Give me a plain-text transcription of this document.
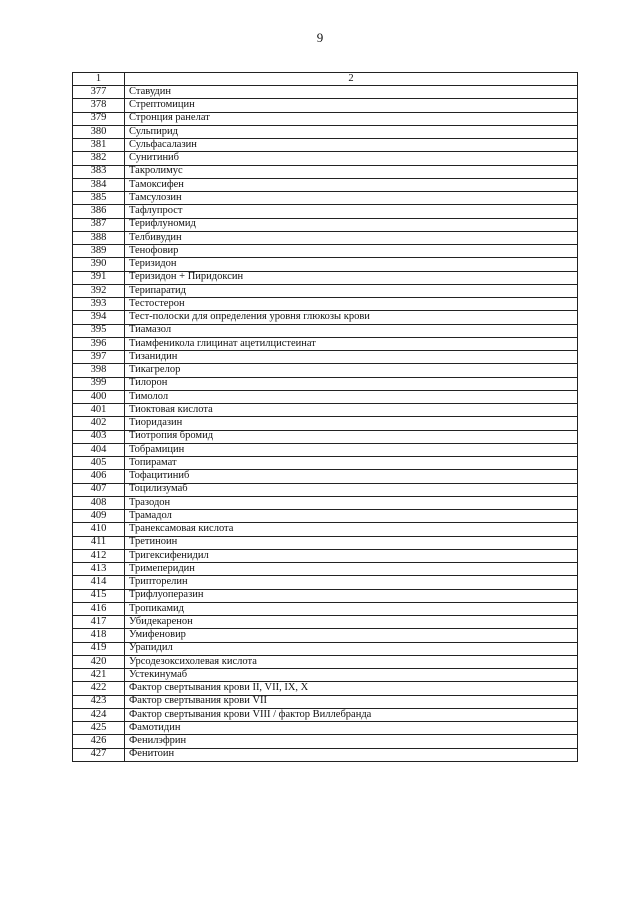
9
1	2
377	Ставудин
378	Стрептомицин
379	Стронция ранелат
380	Сульпирид
381	Сульфасалазин
382	Сунитиниб
383	Такролимус
384	Тамоксифен
385	Тамсулозин
386	Тафлупрост
387	Терифлуномид
388	Телбивудин
389	Тенофовир
390	Теризидон
391	Теризидон + Пиридоксин
392	Терипаратид
393	Тестостерон
394	Тест-полоски для определения уровня глюкозы крови
395	Тиамазол
396	Тиамфеникола глицинат ацетилцистеинат
397	Тизанидин
398	Тикагрелор
399	Тилорон
400	Тимолол
401	Тиоктовая кислота
402	Тиоридазин
403	Тиотропия бромид
404	Тобрамицин
405	Топирамат
406	Тофацитиниб
407	Тоцилизумаб
408	Тразодон
409	Трамадол
410	Транексамовая кислота
411	Третиноин
412	Тригексифенидил
413	Тримеперидин
414	Трипторелин
415	Трифлуоперазин
416	Тропикамид
417	Убидекаренон
418	Умифеновир
419	Урапидил
420	Урсодезоксихолевая кислота
421	Устекинумаб
422	Фактор свертывания крови II, VII, IX, X
423	Фактор свертывания крови VII
424	Фактор свертывания крови VIII / фактор Виллебранда
425	Фамотидин
426	Фенилэфрин
427	Фенитоин
